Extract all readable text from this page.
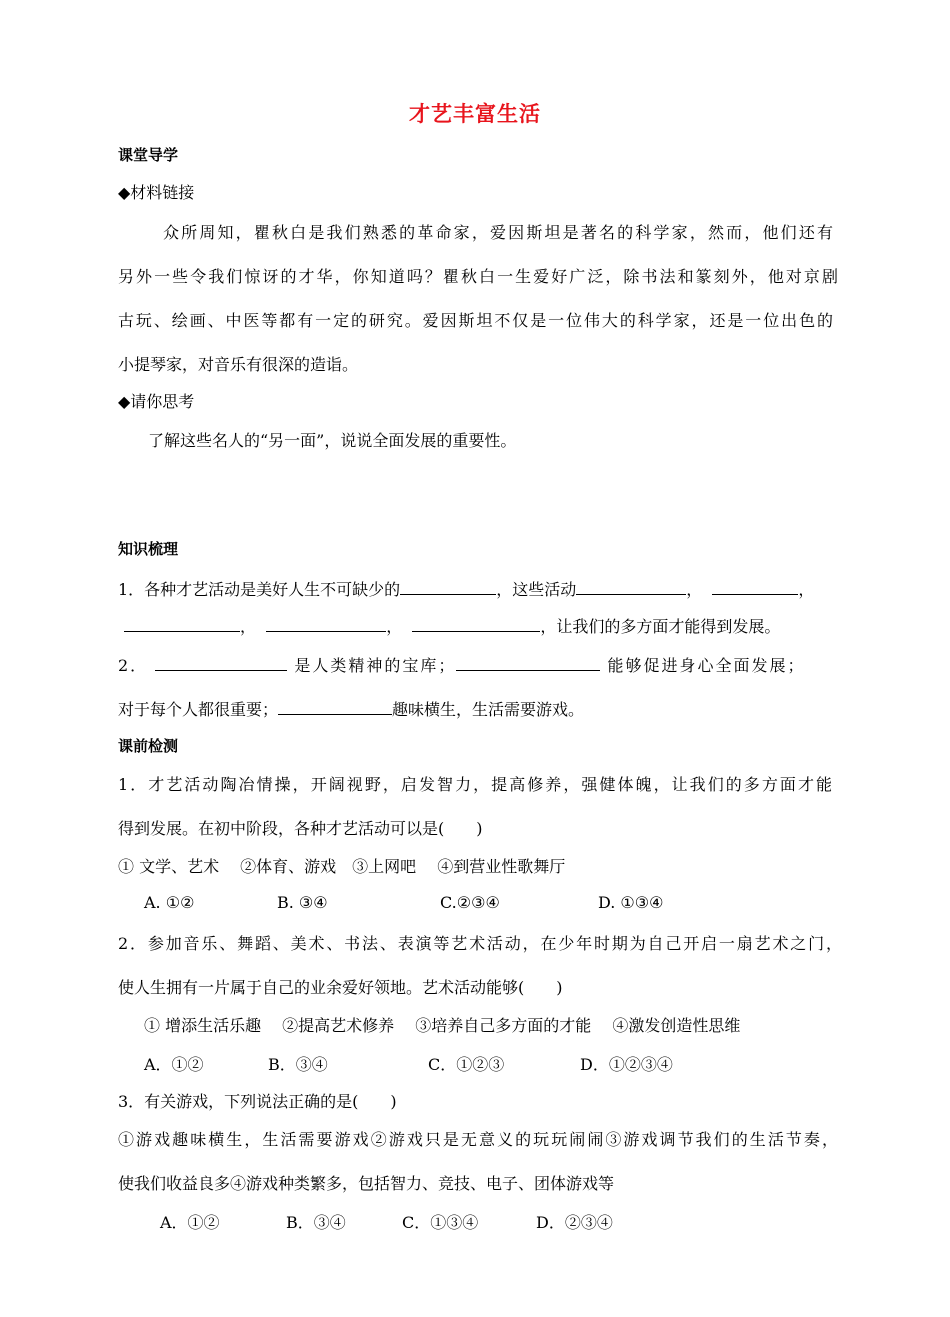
才艺丰富生活
课堂导学
◆材料链接
众所周知，瞿秋白是我们熟悉的革命家，爱因斯坦是著名的科学家，然而，他们还有
另外一些令我们惊讶的才华，你知道吗？瞿秋白一生爱好广泛，除书法和篆刻外，他对京剧
古玩、绘画、中医等都有一定的研究。爱因斯坦不仅是一位伟大的科学家，还是一位出色的
小提琴家，对音乐有很深的造诣。
◆请你思考
了解这些名人的“另一面”，说说全面发展的重要性。
知识梳理
1．各种才艺活动是美好人生不可缺少的	，这些活动	，	，
，	，	，让我们的多方面才能得到发展。
2．	是人类精神的宝库；	能够促进身心全面发展；
对于每个人都很重要；	趣味横生，生活需要游戏。
课前检测
1．才艺活动陶冶情操，开阔视野，启发智力，提高修养，强健体魄，让我们的多方面才能
得到发展。在初中阶段，各种才艺活动可以是(　　)
① 文学、艺术　 ②体育、游戏　③上网吧　 ④到营业性歌舞厅
A. ①②	B. ③④	C.②③④	D. ①③④
2．参加音乐、舞蹈、美术、书法、表演等艺术活动，在少年时期为自己开启一扇艺术之门，
使人生拥有一片属于自己的业余爱好领地。艺术活动能够(　　)
① 增添生活乐趣　 ②提高艺术修养　 ③培养自己多方面的才能　 ④激发创造性思维
A．①②	B．③④	C．①②③	D．①②③④
3．有关游戏，下列说法正确的是(　　)
①游戏趣味横生，生活需要游戏②游戏只是无意义的玩玩闹闹③游戏调节我们的生活节奏，
使我们收益良多④游戏种类繁多，包括智力、竞技、电子、团体游戏等
A．①②	B．③④	C．①③④	D．②③④
